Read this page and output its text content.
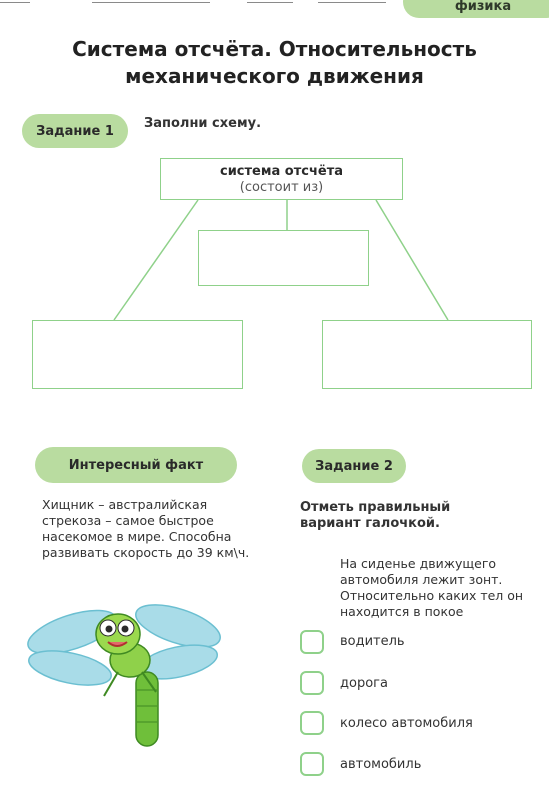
физика
Система отсчёта. Относительность
механического движения
Задание 1	Заполни схему.
система отсчёта
(состоит из)
Интересный факт
Хищник – австралийская стрекоза – самое быстрое насекомое в мире. Способна развивать скорость до 39 км\ч.
Задание 2
Отметь правильный вариант галочкой.
На сиденье движущего автомобиля лежит зонт. Относительно каких тел он находится в покое
водитель
дорога
колесо автомобиля
автомобиль
